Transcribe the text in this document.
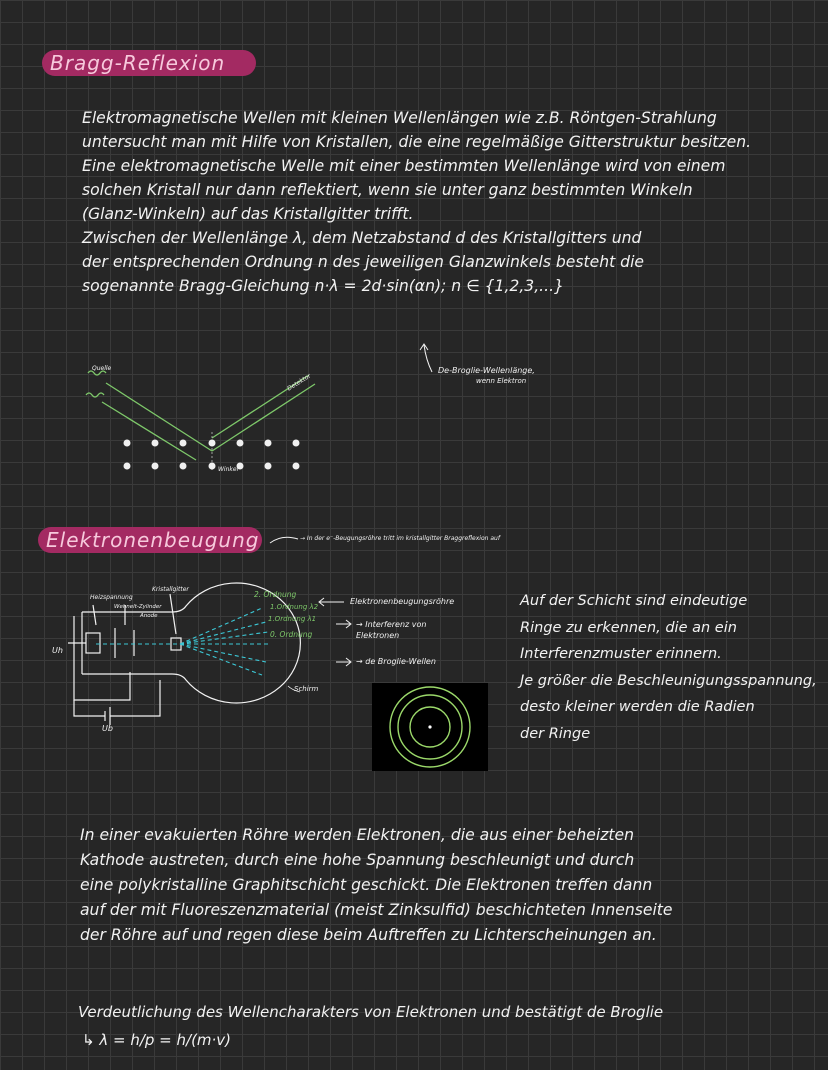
Bragg-Reflexion
Elektromagnetische Wellen mit kleinen Wellenlängen wie z.B. Röntgen-Strahlung
untersucht man mit Hilfe von Kristallen, die eine regelmäßige Gitterstruktur besitzen.
Eine elektromagnetische Welle mit einer bestimmten Wellenlänge wird von einem
solchen Kristall nur dann reflektiert, wenn sie unter ganz bestimmten Winkeln
(Glanz-Winkeln) auf das Kristallgitter trifft.
Zwischen der Wellenlänge λ, dem Netzabstand d des Kristallgitters und
der entsprechenden Ordnung n des jeweiligen Glanzwinkels besteht die
sogenannte Bragg-Gleichung n·λ = 2d·sin(αn); n ∈ {1,2,3,...}
De-Broglie-Wellenlänge,
wenn Elektron
Quelle
Detektor
Winkel
Elektronenbeugung	→ In der e⁻-Beugungsröhre tritt im kristallgitter Braggreflexion auf
Heizspannung
Wehnelt-Zylinder
Anode
Kristallgitter
2. Ordnung
1.Ordnung λ2
1.Ordnung λ1
0. Ordnung
Schirm
Uh
Ub
Elektronenbeugungsröhre
→ Interferenz von Elektronen
→ de Broglie-Wellen
Auf der Schicht sind eindeutige
Ringe zu erkennen, die an ein
Interferenzmuster erinnern.
Je größer die Beschleunigungsspannung,
desto kleiner werden die Radien
der Ringe
In einer evakuierten Röhre werden Elektronen, die aus einer beheizten
Kathode austreten, durch eine hohe Spannung beschleunigt und durch
eine polykristalline Graphitschicht geschickt. Die Elektronen treffen dann
auf der mit Fluoreszenzmaterial (meist Zinksulfid) beschichteten Innenseite
der Röhre auf und regen diese beim Auftreffen zu Lichterscheinungen an.
Verdeutlichung des Wellencharakters von Elektronen und bestätigt de Broglie
↳ λ = h/p = h/(m·v)
